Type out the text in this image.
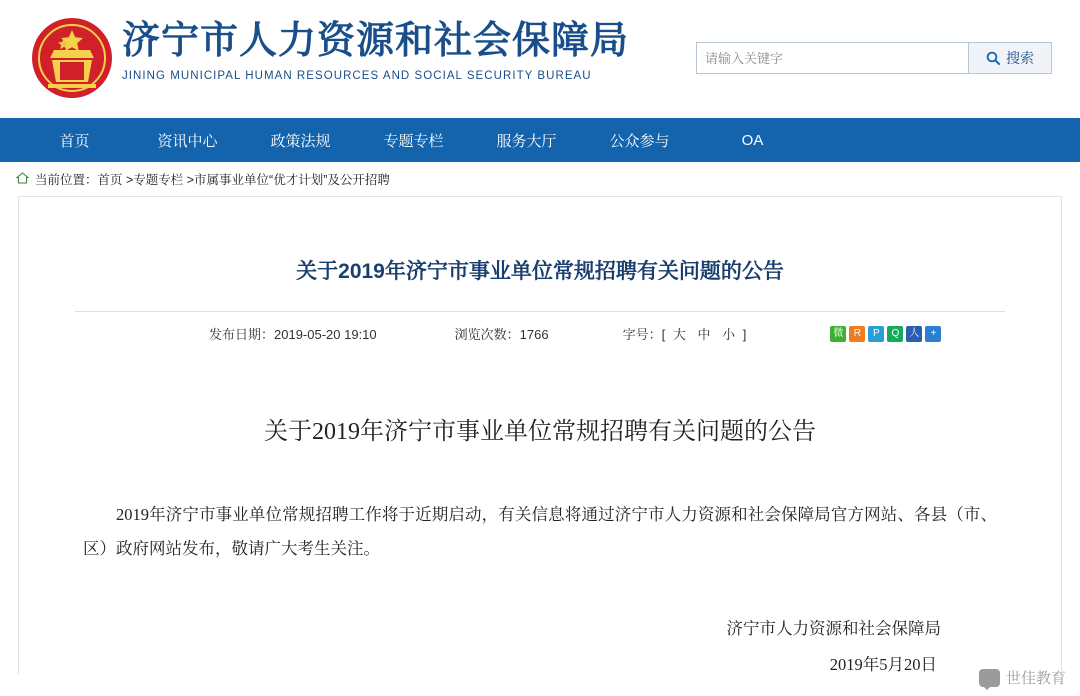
济宁市人力资源和社会保障局
JINING MUNICIPAL HUMAN RESOURCES AND SOCIAL SECURITY BUREAU
请输入关键字
搜索
首页	资讯中心	政策法规	专题专栏	服务大厅	公众参与	OA
当前位置：首页 >专题专栏 >市属事业单位“优才计划”及公开招聘
关于2019年济宁市事业单位常规招聘有关问题的公告
发布日期：2019-05-20 19:10	浏览次数：1766	字号：[ 大 中 小 ]	微	R	P	Q	人	+
关于2019年济宁市事业单位常规招聘有关问题的公告
2019年济宁市事业单位常规招聘工作将于近期启动，有关信息将通过济宁市人力资源和社会保障局官方网站、各县（市、区）政府网站发布，敬请广大考生关注。
济宁市人力资源和社会保障局
2019年5月20日
世佳教育
